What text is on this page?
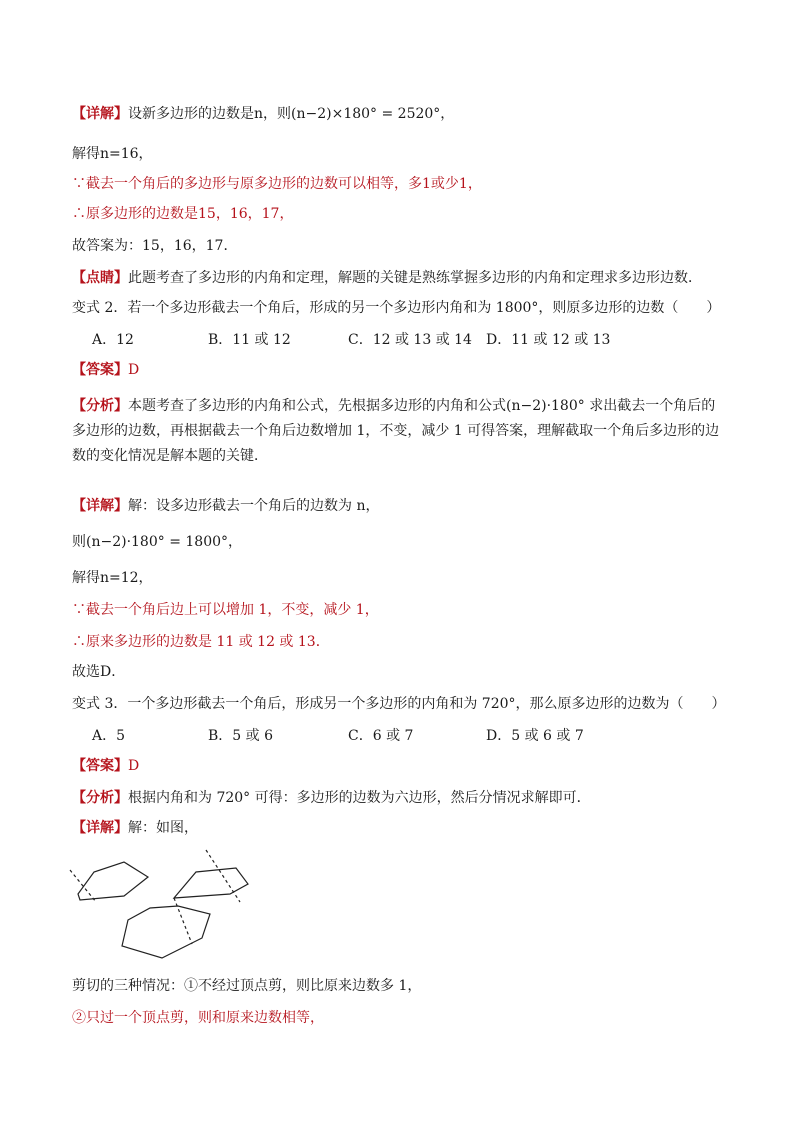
【详解】设新多边形的边数是n，则(n−2)×180° = 2520°，
解得n=16，
∵截去一个角后的多边形与原多边形的边数可以相等，多1或少1，
∴原多边形的边数是15，16，17，
故答案为：15，16，17．
【点睛】此题考查了多边形的内角和定理，解题的关键是熟练掌握多边形的内角和定理求多边形边数．
变式 2．若一个多边形截去一个角后，形成的另一个多边形内角和为 1800°，则原多边形的边数（　　）
A．12	B．11 或 12	C．12 或 13 或 14 D．11 或 12 或 13
【答案】D
【分析】本题考查了多边形的内角和公式，先根据多边形的内角和公式(n−2)·180° 求出截去一个角后的多边形的边数，再根据截去一个角后边数增加 1，不变，减少 1 可得答案，理解截取一个角后多边形的边数的变化情况是解本题的关键．
【详解】解：设多边形截去一个角后的边数为 n，
则(n−2)·180° = 1800°，
解得n=12，
∵截去一个角后边上可以增加 1，不变，减少 1，
∴原来多边形的边数是 11 或 12 或 13．
故选D．
变式 3．一个多边形截去一个角后，形成另一个多边形的内角和为 720°，那么原多边形的边数为（　　）
A．5	B．5 或 6	C．6 或 7	D．5 或 6 或 7
【答案】D
【分析】根据内角和为 720° 可得：多边形的边数为六边形，然后分情况求解即可．
【详解】解：如图，
剪切的三种情况：①不经过顶点剪，则比原来边数多 1，
②只过一个顶点剪，则和原来边数相等，
